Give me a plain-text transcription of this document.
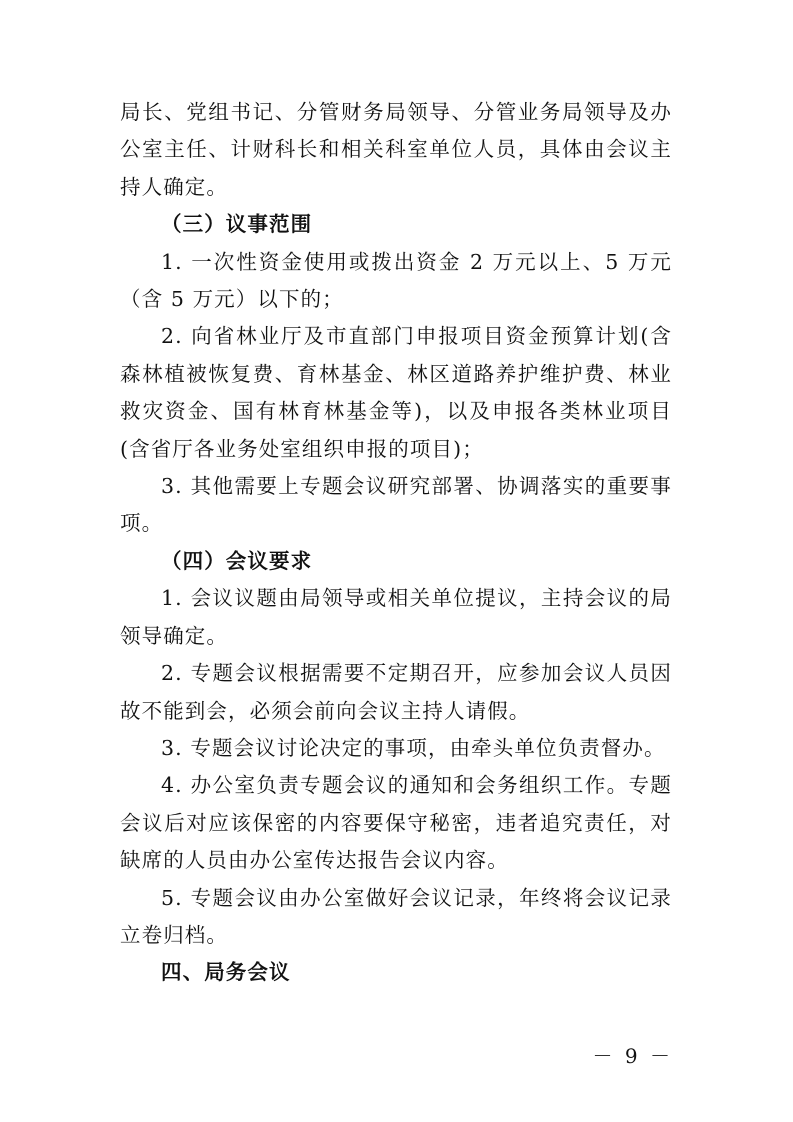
局长、党组书记、分管财务局领导、分管业务局领导及办公室主任、计财科长和相关科室单位人员，具体由会议主持人确定。

（三）议事范围

1. 一次性资金使用或拨出资金 2 万元以上、5 万元（含 5 万元）以下的；

2. 向省林业厅及市直部门申报项目资金预算计划(含森林植被恢复费、育林基金、林区道路养护维护费、林业救灾资金、国有林育林基金等)，以及申报各类林业项目(含省厅各业务处室组织申报的项目)；

3. 其他需要上专题会议研究部署、协调落实的重要事项。

（四）会议要求

1. 会议议题由局领导或相关单位提议，主持会议的局领导确定。

2. 专题会议根据需要不定期召开，应参加会议人员因故不能到会，必须会前向会议主持人请假。

3. 专题会议讨论决定的事项，由牵头单位负责督办。

4. 办公室负责专题会议的通知和会务组织工作。专题会议后对应该保密的内容要保守秘密，违者追究责任，对缺席的人员由办公室传达报告会议内容。

5. 专题会议由办公室做好会议记录，年终将会议记录立卷归档。

四、局务会议

－ 9 －
